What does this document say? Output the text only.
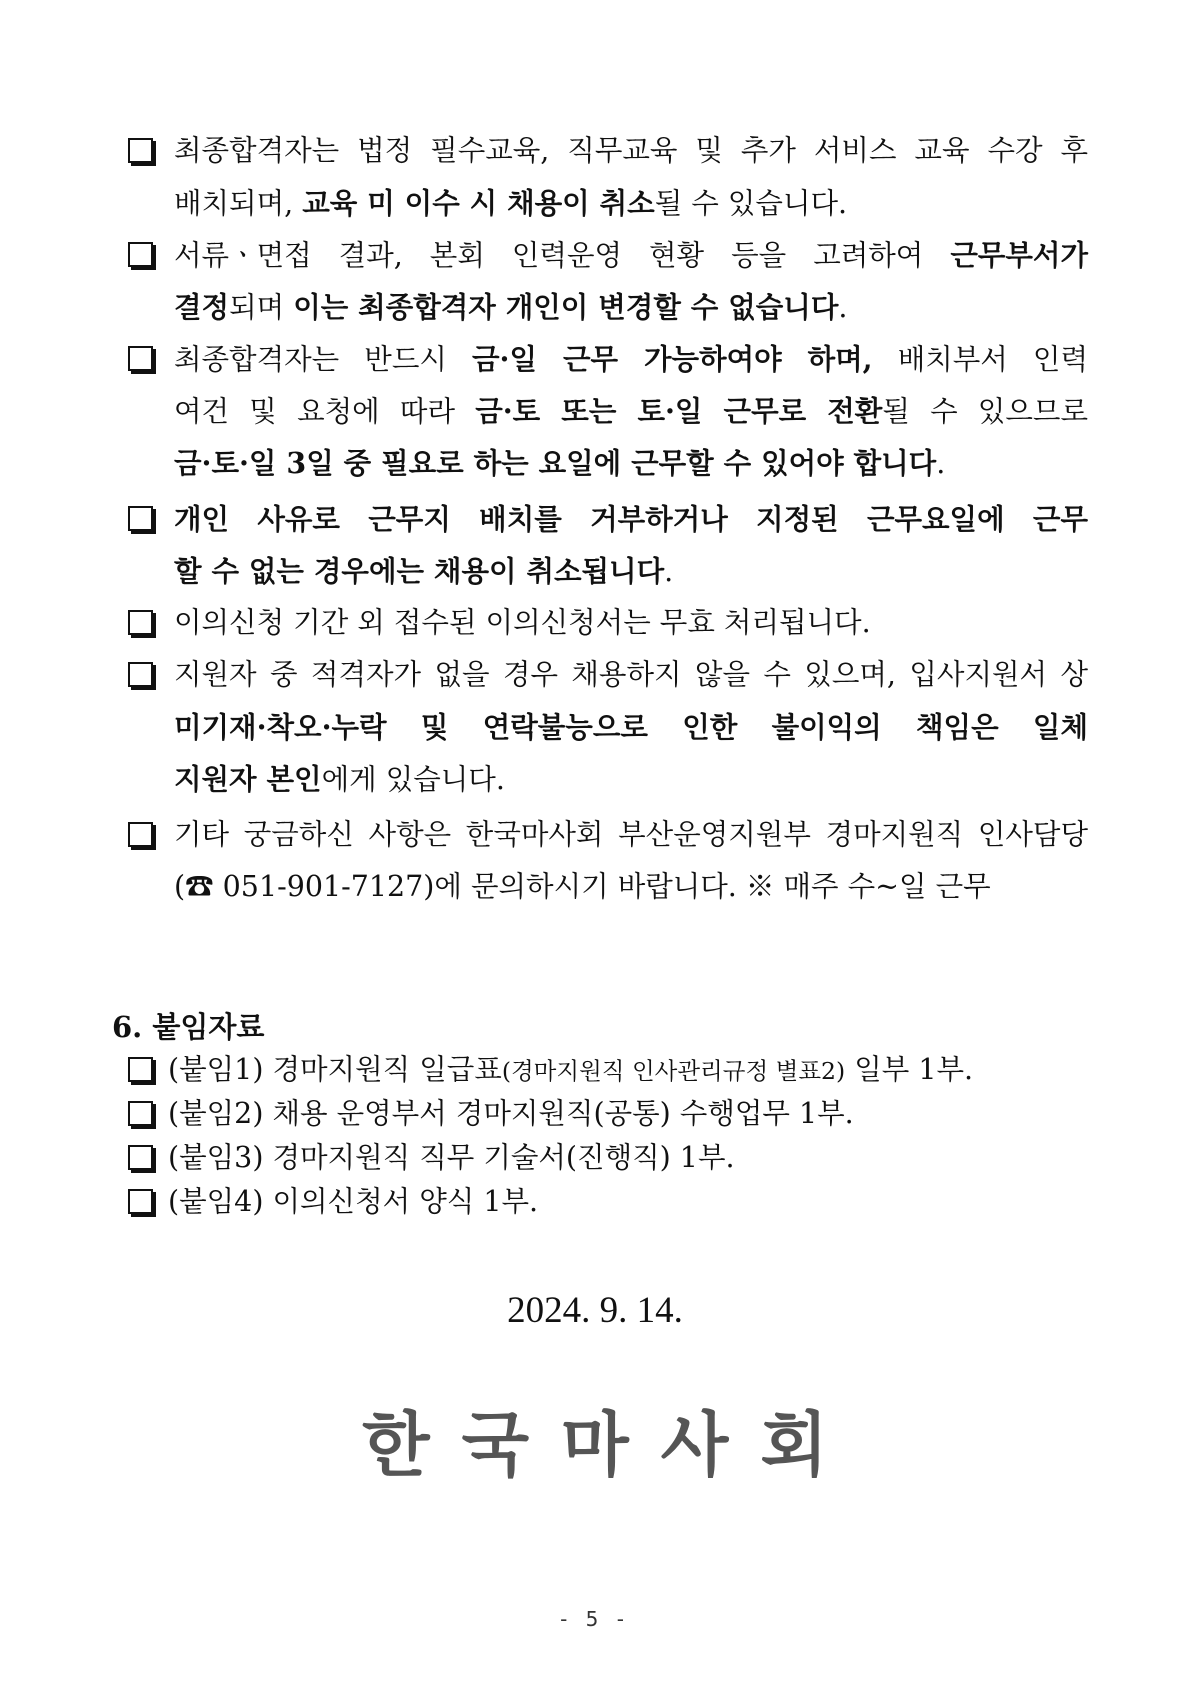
최종합격자는 법정 필수교육, 직무교육 및 추가 서비스 교육 수강 후
배치되며, 교육 미 이수 시 채용이 취소될 수 있습니다.
서류ㆍ면접 결과, 본회 인력운영 현황 등을 고려하여 근무부서가
결정되며 이는 최종합격자 개인이 변경할 수 없습니다.
최종합격자는 반드시 금·일 근무 가능하여야 하며, 배치부서 인력
여건 및 요청에 따라 금·토 또는 토·일 근무로 전환될 수 있으므로
금·토·일 3일 중 필요로 하는 요일에 근무할 수 있어야 합니다.
개인 사유로 근무지 배치를 거부하거나 지정된 근무요일에 근무
할 수 없는 경우에는 채용이 취소됩니다.
이의신청 기간 외 접수된 이의신청서는 무효 처리됩니다.
지원자 중 적격자가 없을 경우 채용하지 않을 수 있으며, 입사지원서 상
미기재·착오·누락 및 연락불능으로 인한 불이익의 책임은 일체
지원자 본인에게 있습니다.
기타 궁금하신 사항은 한국마사회 부산운영지원부 경마지원직 인사담당
(☎ 051-901-7127)에 문의하시기 바랍니다. ※ 매주 수~일 근무
6. 붙임자료
(붙임1) 경마지원직 일급표(경마지원직 인사관리규정 별표2) 일부 1부.
(붙임2) 채용 운영부서 경마지원직(공통) 수행업무 1부.
(붙임3) 경마지원직 직무 기술서(진행직) 1부.
(붙임4) 이의신청서 양식 1부.
2024. 9. 14.
한국마사회
- 5 -
